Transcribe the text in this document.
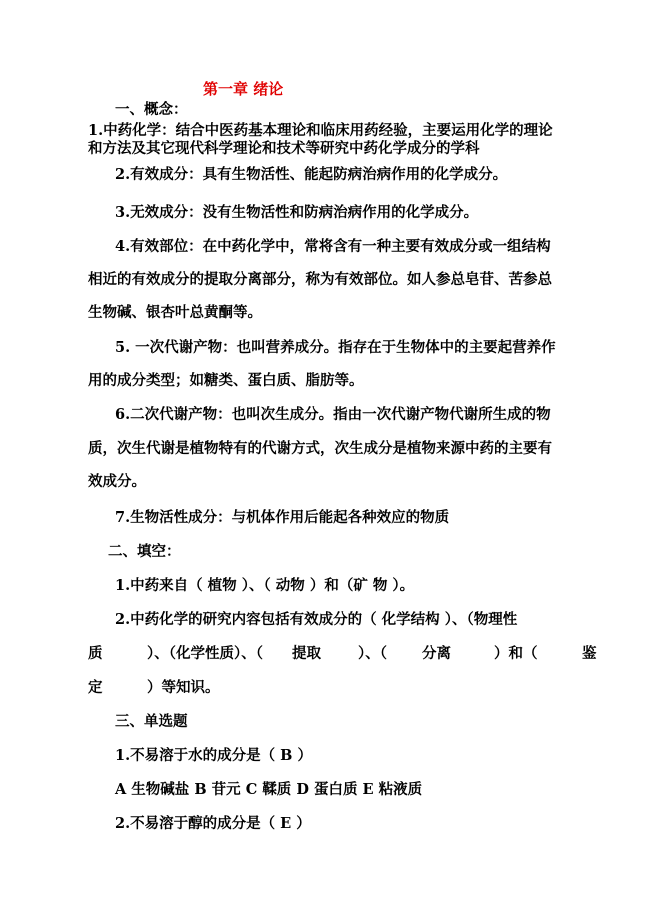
第一章 绪论
一、概念：
1.中药化学：结合中医药基本理论和临床用药经验，主要运用化学的理论
和方法及其它现代科学理论和技术等研究中药化学成分的学科
2.有效成分：具有生物活性、能起防病治病作用的化学成分。
3.无效成分：没有生物活性和防病治病作用的化学成分。
4.有效部位：在中药化学中，常将含有一种主要有效成分或一组结构
相近的有效成分的提取分离部分，称为有效部位。如人参总皂苷、苦参总
生物碱、银杏叶总黄酮等。
5. 一次代谢产物：也叫营养成分。指存在于生物体中的主要起营养作
用的成分类型；如糖类、蛋白质、脂肪等。
6.二次代谢产物：也叫次生成分。指由一次代谢产物代谢所生成的物
质，次生代谢是植物特有的代谢方式，次生成分是植物来源中药的主要有
效成分。
7.生物活性成分：与机体作用后能起各种效应的物质
二、填空：
1.中药来自（ 植物 ）、（ 动物 ）和（矿 物 ）。
2.中药化学的研究内容包括有效成分的（ 化学结构 ）、（物理性
质	）、（化学性质）、（ 提取	）、（ 分离	）和（	鉴
定	）等知识。
三、单选题
1.不易溶于水的成分是（ B ）
A 生物碱盐 B 苷元 C 鞣质 D 蛋白质 E 粘液质
2.不易溶于醇的成分是（ E ）
